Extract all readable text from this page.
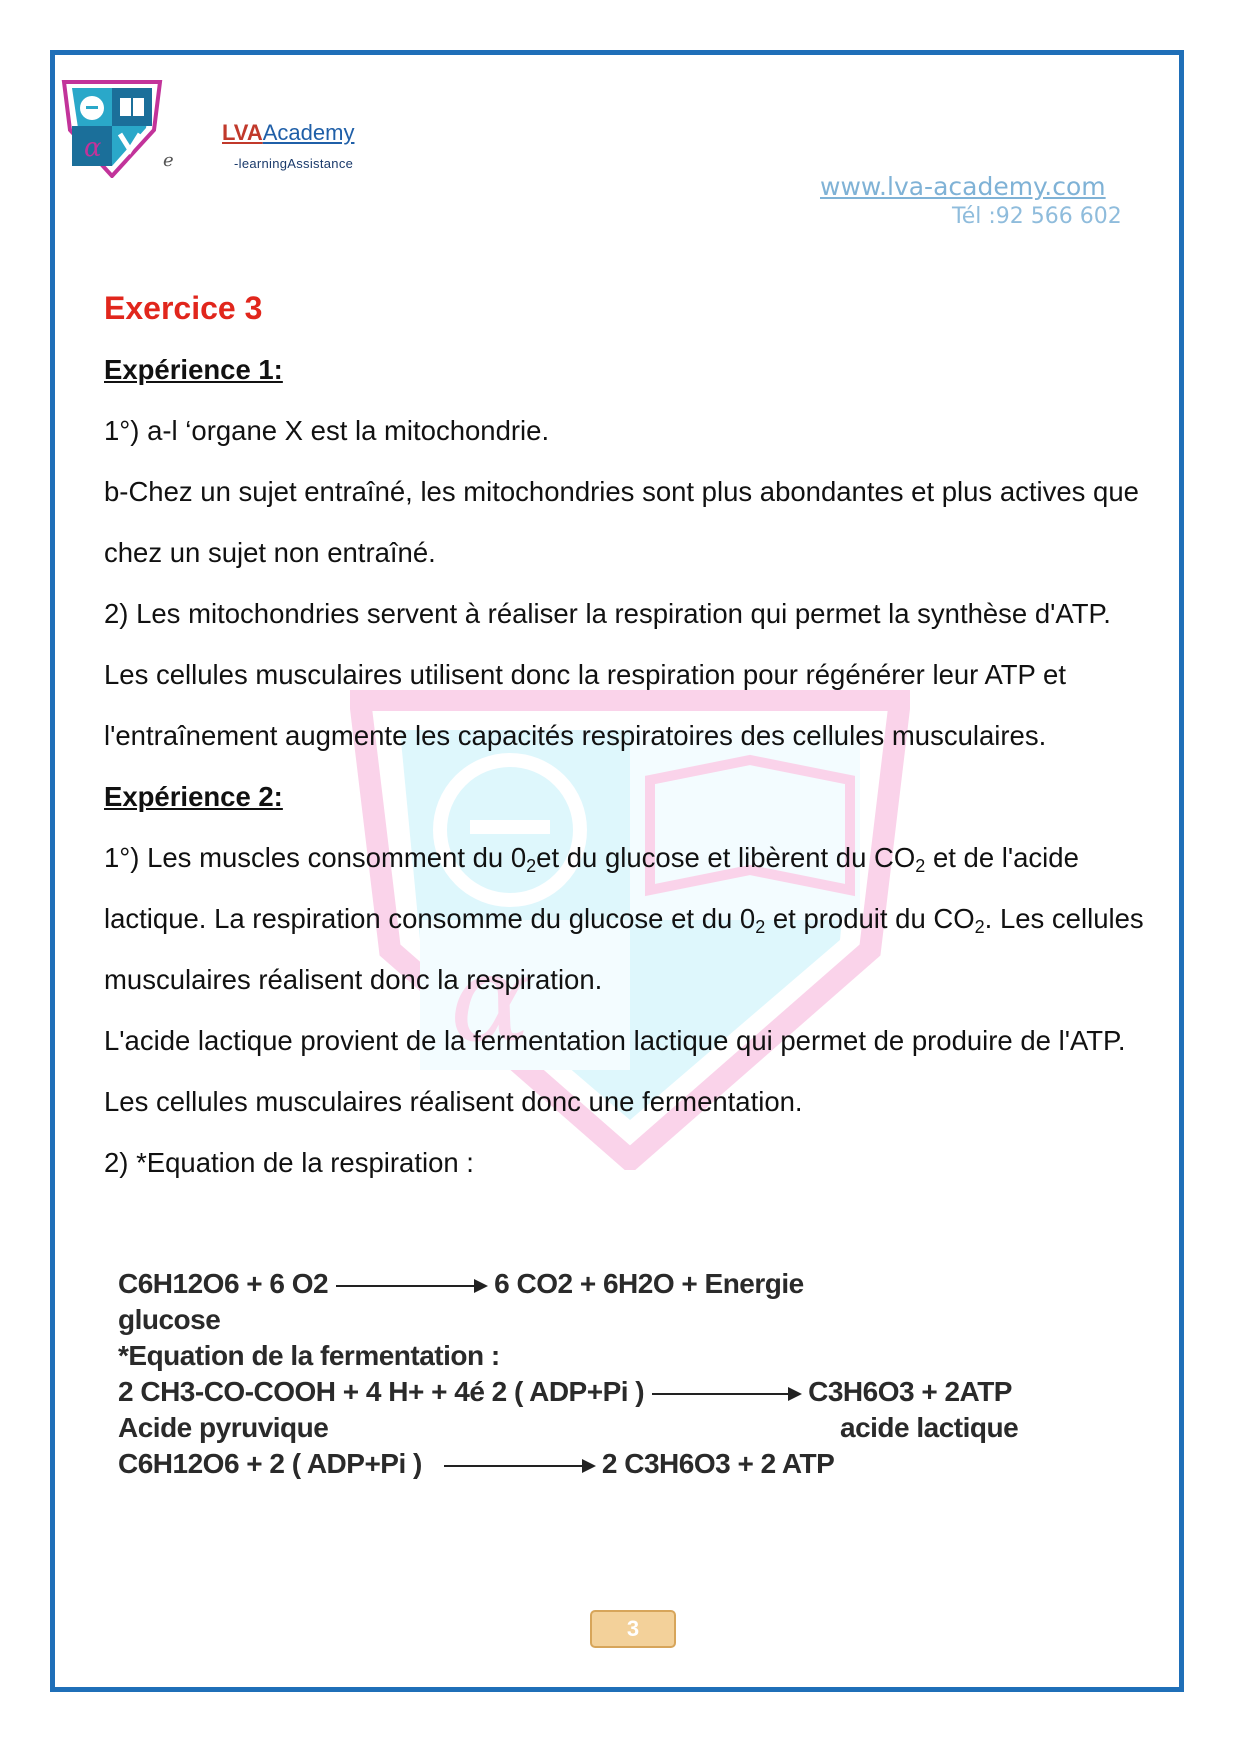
α	e
LVAAcademy
-learningAssistance
www.lva-academy.com
Tél :92 566 602
α

Exercice 3

Expérience 1:

1°) a-l ‘organe X est la mitochondrie.

b-Chez un sujet entraîné, les mitochondries sont plus abondantes et plus actives que chez un sujet non entraîné.

2) Les mitochondries servent à réaliser la respiration qui permet la synthèse d'ATP. Les cellules musculaires utilisent donc la respiration pour régénérer leur ATP et l'entraînement augmente les capacités respiratoires des cellules musculaires.

Expérience 2:

1°) Les muscles consomment du $0_2et$ du glucose et libèrent du $CO_2$ et de l'acide lactique. La respiration consomme du glucose et du $0_2$ et produit du $CO_2$. Les cellules musculaires réalisent donc la respiration.

L'acide lactique provient de la fermentation lactique qui permet de produire de l'ATP. Les cellules musculaires réalisent donc une fermentation.

2) *Equation de la respiration :

C6H12O6 + 6 O2	6 CO2 + 6H2O + Energie
glucose
*Equation de la fermentation :
2 CH3-CO-COOH + 4 H+ + 4é 2 ( ADP+Pi )	C3H6O3 + 2ATP
Acide pyruvique	acide lactique
C6H12O6 + 2 ( ADP+Pi )	2 C3H6O3 + 2 ATP
3
